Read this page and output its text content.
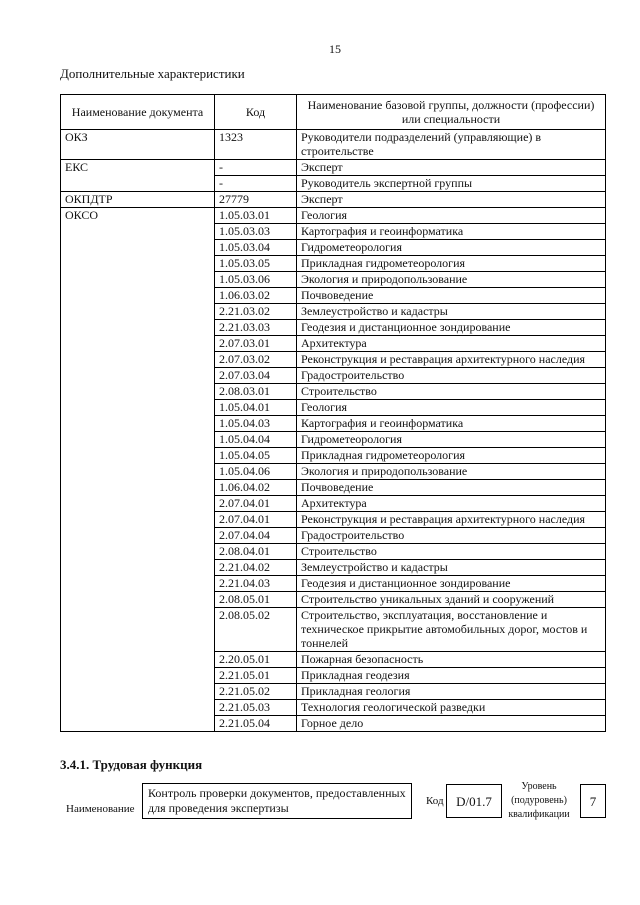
15
Дополнительные характеристики
Наименование документа	Код	Наименование базовой группы, должности (профессии) или специальности
ОКЗ	1323	Руководители подразделений (управляющие) в строительстве
ЕКС	-	Эксперт
	-	Руководитель экспертной группы
ОКПДТР	27779	Эксперт
ОКСО	1.05.03.01	Геология
	1.05.03.03	Картография и геоинформатика
	1.05.03.04	Гидрометеорология
	1.05.03.05	Прикладная гидрометеорология
	1.05.03.06	Экология и природопользование
	1.06.03.02	Почвоведение
	2.21.03.02	Землеустройство и кадастры
	2.21.03.03	Геодезия и дистанционное зондирование
	2.07.03.01	Архитектура
	2.07.03.02	Реконструкция и реставрация архитектурного наследия
	2.07.03.04	Градостроительство
	2.08.03.01	Строительство
	1.05.04.01	Геология
	1.05.04.03	Картография и геоинформатика
	1.05.04.04	Гидрометеорология
	1.05.04.05	Прикладная гидрометеорология
	1.05.04.06	Экология и природопользование
	1.06.04.02	Почвоведение
	2.07.04.01	Архитектура
	2.07.04.01	Реконструкция и реставрация архитектурного наследия
	2.07.04.04	Градостроительство
	2.08.04.01	Строительство
	2.21.04.02	Землеустройство и кадастры
	2.21.04.03	Геодезия и дистанционное зондирование
	2.08.05.01	Строительство уникальных зданий и сооружений
	2.08.05.02	Строительство, эксплуатация, восстановление и техническое прикрытие автомобильных дорог, мостов и тоннелей
	2.20.05.01	Пожарная безопасность
	2.21.05.01	Прикладная геодезия
	2.21.05.02	Прикладная геология
	2.21.05.03	Технология геологической разведки
	2.21.05.04	Горное дело
3.4.1. Трудовая функция
Наименование
Контроль проверки документов, предоставленных для проведения экспертизы	Код D/01.7
Уровень (подуровень) квалификации
7
